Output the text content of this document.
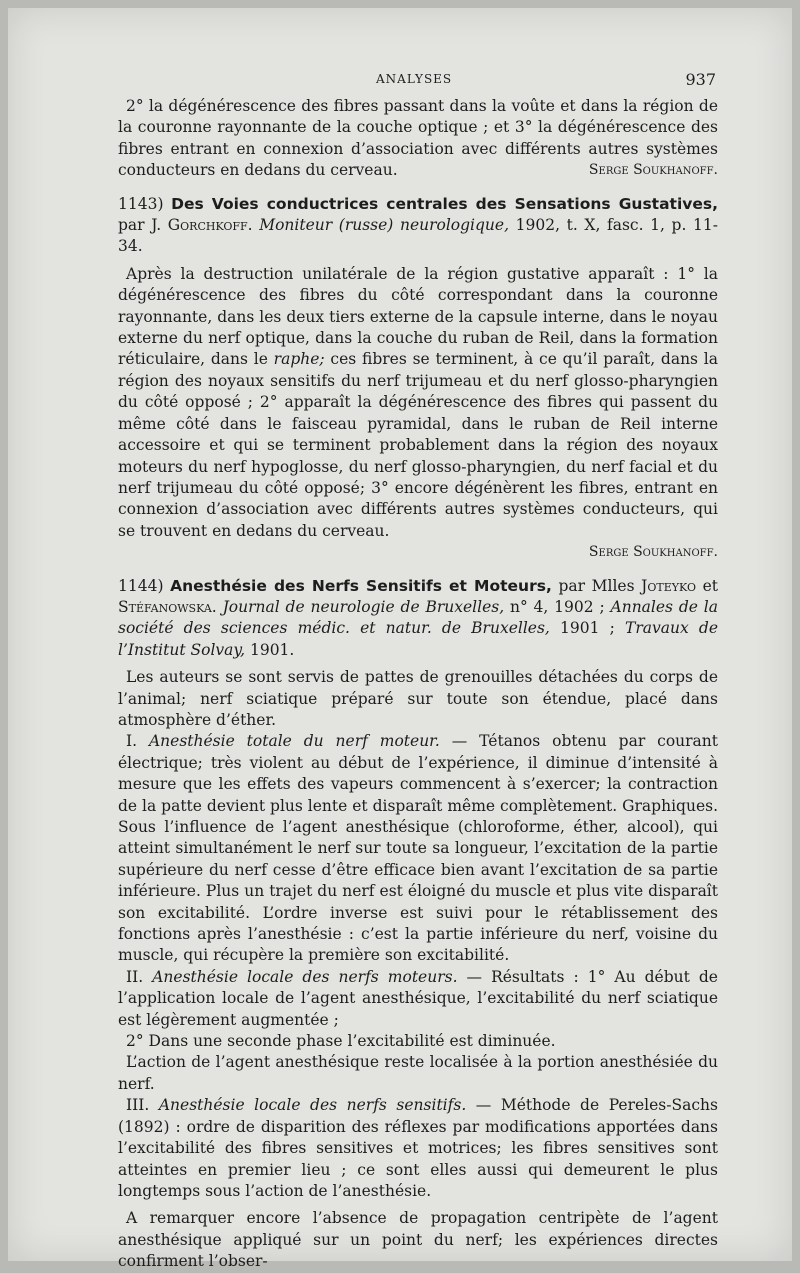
ANALYSES	937

2° la dégénérescence des fibres passant dans la voûte et dans la région de la couronne rayonnante de la couche optique ; et 3° la dégénérescence des fibres entrant en connexion d’association avec différents autres systèmes conducteurs en dedans du cerveau.	Serge Soukhanoff.

1143) Des Voies conductrices centrales des Sensations Gustatives, par J. Gorchkoff. Moniteur (russe) neurologique, 1902, t. X, fasc. 1, p. 11-34.

Après la destruction unilatérale de la région gustative apparaît : 1° la dégénérescence des fibres du côté correspondant dans la couronne rayonnante, dans les deux tiers externe de la capsule interne, dans le noyau externe du nerf optique, dans la couche du ruban de Reil, dans la formation réticulaire, dans le raphe; ces fibres se terminent, à ce qu’il paraît, dans la région des noyaux sensitifs du nerf trijumeau et du nerf glosso-pharyngien du côté opposé ; 2° apparaît la dégénérescence des fibres qui passent du même côté dans le faisceau pyramidal, dans le ruban de Reil interne accessoire et qui se terminent probablement dans la région des noyaux moteurs du nerf hypoglosse, du nerf glosso-pharyngien, du nerf facial et du nerf trijumeau du côté opposé; 3° encore dégénèrent les fibres, entrant en connexion d’association avec différents autres systèmes conducteurs, qui se trouvent en dedans du cerveau.

Serge Soukhanoff.

1144) Anesthésie des Nerfs Sensitifs et Moteurs, par Mlles Joteyko et Stéfanowska. Journal de neurologie de Bruxelles, n° 4, 1902 ; Annales de la société des sciences médic. et natur. de Bruxelles, 1901 ; Travaux de l’Institut Solvay, 1901.

Les auteurs se sont servis de pattes de grenouilles détachées du corps de l’animal; nerf sciatique préparé sur toute son étendue, placé dans atmosphère d’éther.

I. Anesthésie totale du nerf moteur. — Tétanos obtenu par courant électrique; très violent au début de l’expérience, il diminue d’intensité à mesure que les effets des vapeurs commencent à s’exercer; la contraction de la patte devient plus lente et disparaît même complètement. Graphiques. Sous l’influence de l’agent anesthésique (chloroforme, éther, alcool), qui atteint simultanément le nerf sur toute sa longueur, l’excitation de la partie supérieure du nerf cesse d’être efficace bien avant l’excitation de sa partie inférieure. Plus un trajet du nerf est éloigné du muscle et plus vite disparaît son excitabilité. L’ordre inverse est suivi pour le rétablissement des fonctions après l’anesthésie : c’est la partie inférieure du nerf, voisine du muscle, qui récupère la première son excitabilité.

II. Anesthésie locale des nerfs moteurs. — Résultats : 1° Au début de l’application locale de l’agent anesthésique, l’excitabilité du nerf sciatique est légèrement augmentée ;

2° Dans une seconde phase l’excitabilité est diminuée.

L’action de l’agent anesthésique reste localisée à la portion anesthésiée du nerf.

III. Anesthésie locale des nerfs sensitifs. — Méthode de Pereles-Sachs (1892) : ordre de disparition des réflexes par modifications apportées dans l’excitabilité des fibres sensitives et motrices; les fibres sensitives sont atteintes en premier lieu ; ce sont elles aussi qui demeurent le plus longtemps sous l’action de l’anesthésie.

A remarquer encore l’absence de propagation centripète de l’agent anesthésique appliqué sur un point du nerf; les expériences directes confirment l’obser-
